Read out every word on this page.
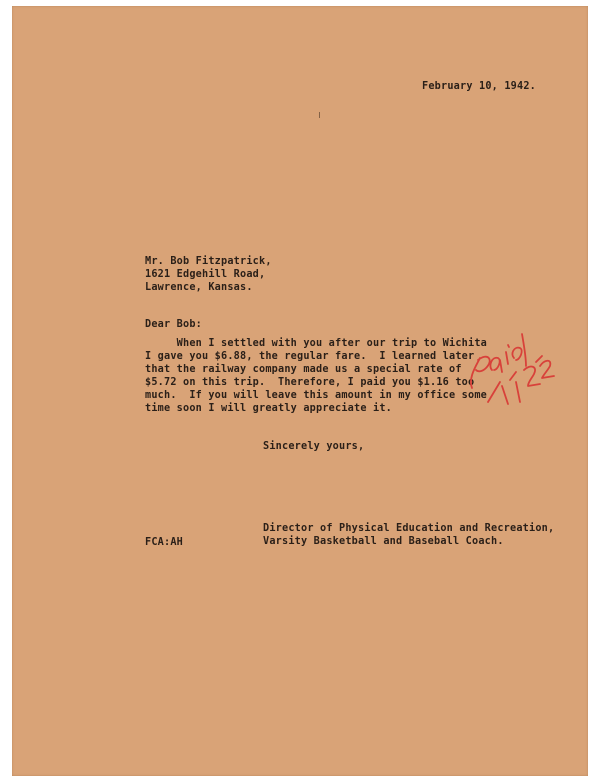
February 10, 1942.
Mr. Bob Fitzpatrick,
1621 Edgehill Road,
Lawrence, Kansas.
Dear Bob:
When I settled with you after our trip to Wichita
I gave you $6.88, the regular fare.  I learned later
that the railway company made us a special rate of
$5.72 on this trip.  Therefore, I paid you $1.16 too
much.  If you will leave this amount in my office some
time soon I will greatly appreciate it.
Sincerely yours,
Director of Physical Education and Recreation,
Varsity Basketball and Baseball Coach.
FCA:AH
